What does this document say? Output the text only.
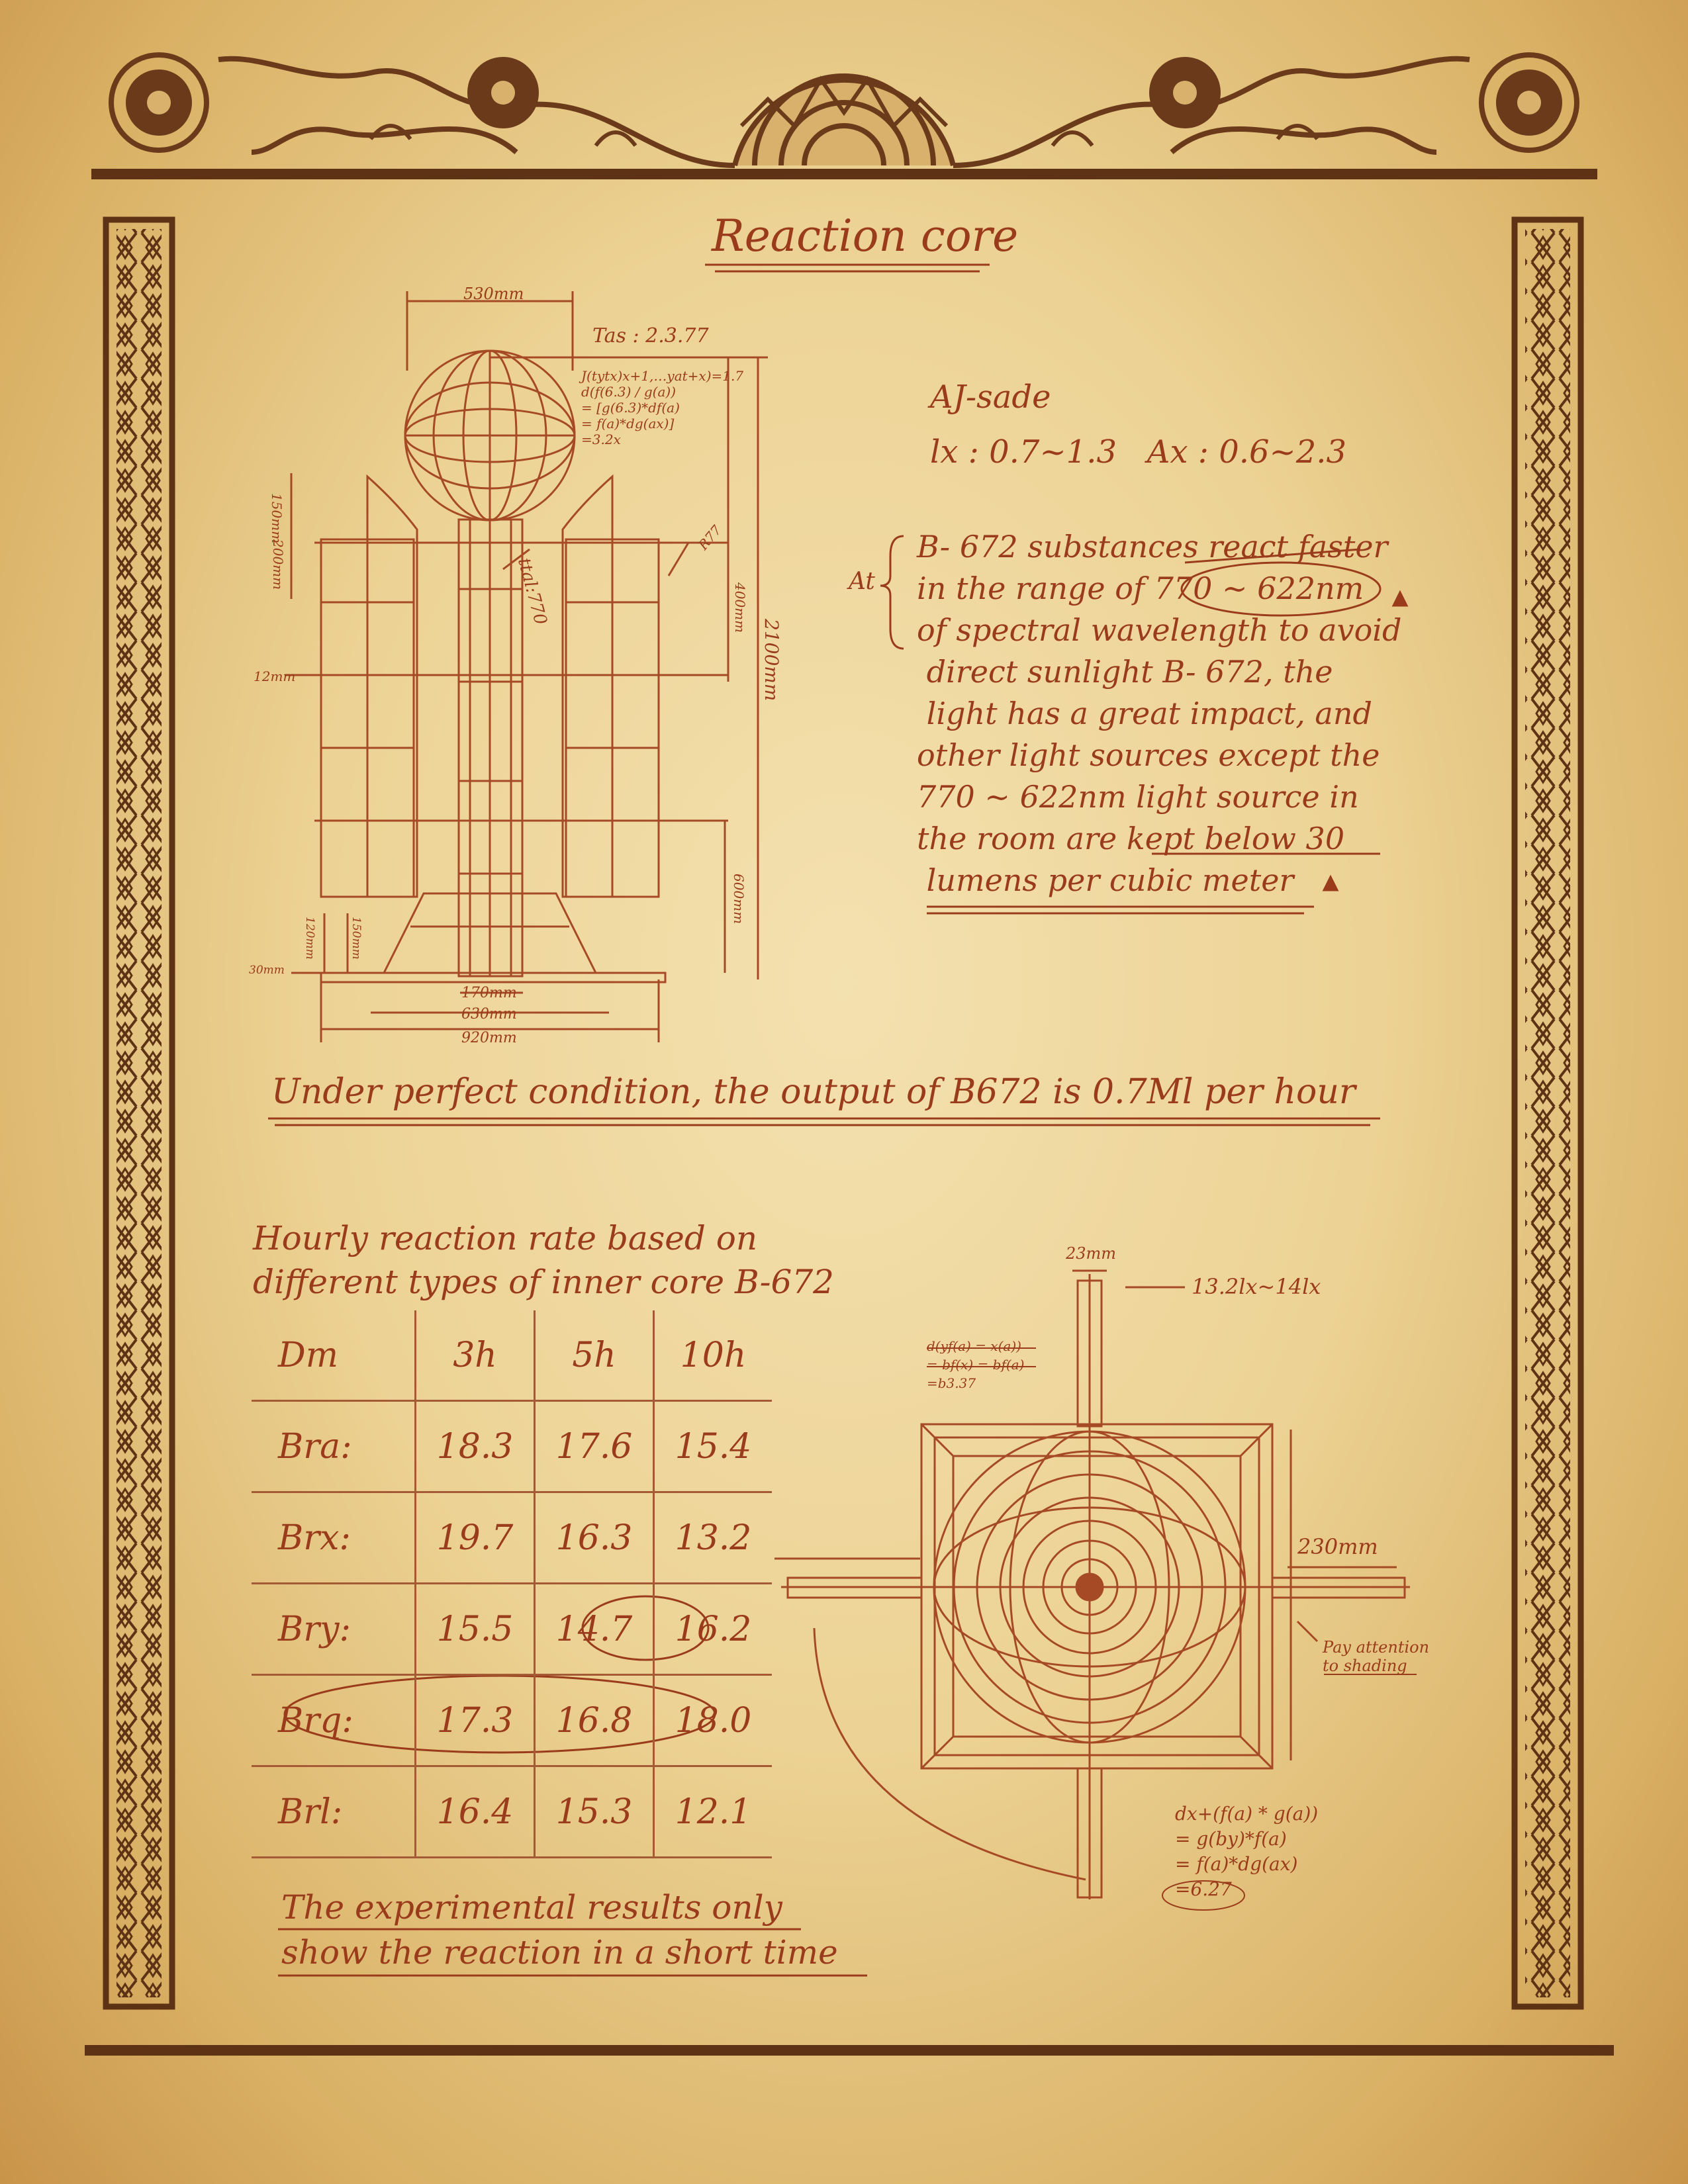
Reaction core
530mm
Tas : 2.3.77
J(tytx)x+1,…yat+x)=1.7
d(f(6.3) / g(a))
= [g(6.3)*df(a)
= f(a)*dg(ax)]
=3.2x
150mm
200mm
12mm
400mm
2100mm
600mm
150mm
120mm
30mm
170mm
630mm
920mm
R77
ttal:770
AJ-sade
lx : 0.7~1.3   Ax : 0.6~2.3
At
B- 672 substances react faster
in the range of 770 ~ 622nm
of spectral wavelength to avoid
direct sunlight B- 672, the
light has a great impact, and
other light sources except the
770 ~ 622nm light source in
the room are kept below 30
lumens per cubic meter
Under perfect condition, the output of B672 is 0.7Ml per hour
Hourly reaction rate based on
different types of inner core B-672
Dm	3h	5h	10h
Bra:	18.3	17.6	15.4
Brx:	19.7	16.3	13.2
Bry:	15.5	14.7	16.2
Brq:	17.3	16.8	18.0
Brl:	16.4	15.3	12.1
The experimental results only
show the reaction in a short time
23mm
13.2lx~14lx
d(yf(a) = x(a))
= bf(x) = bf(a)
=b3.37
230mm
Pay attention
to shading
dx+(f(a) * g(a))
= g(by)*f(a)
= f(a)*dg(ax)
=6.27
